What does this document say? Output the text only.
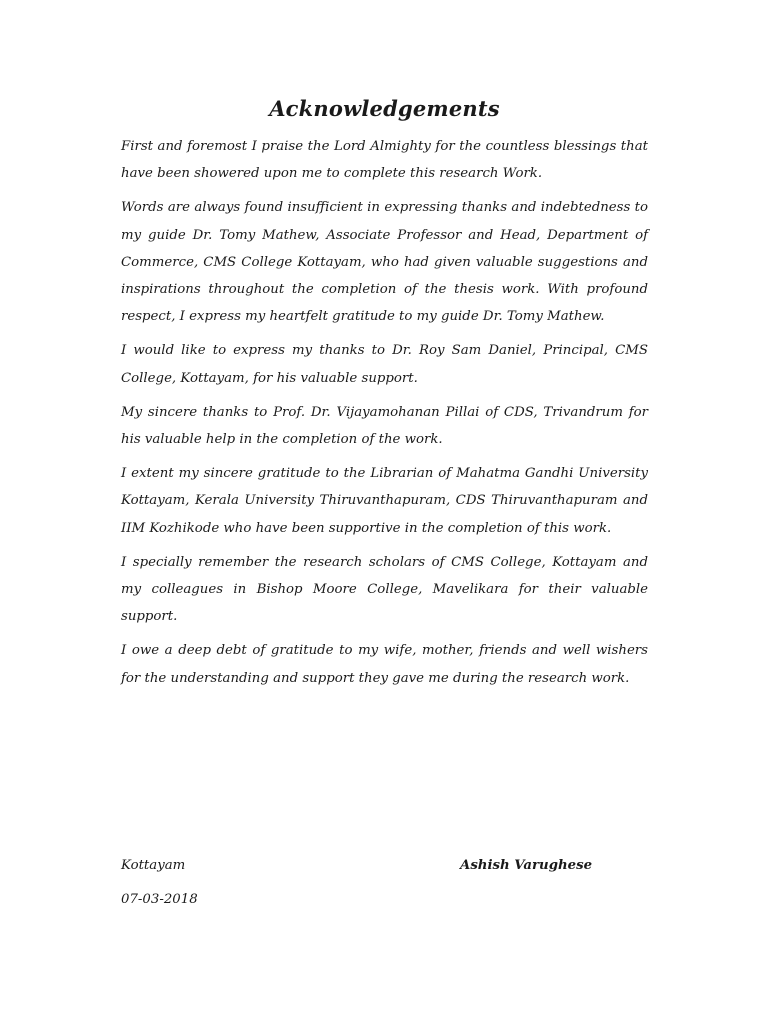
Acknowledgements

First and foremost I praise the Lord Almighty for the countless blessings that have been showered upon me to complete this research Work.

Words are always found insufficient in expressing thanks and indebtedness to my guide Dr. Tomy Mathew, Associate Professor and Head, Department of Commerce, CMS College Kottayam, who had given valuable suggestions and inspirations throughout the completion of the thesis work. With profound respect, I express my heartfelt gratitude to my guide Dr. Tomy Mathew.

I would like to express my thanks to Dr. Roy Sam Daniel, Principal, CMS College, Kottayam, for his valuable support.

My sincere thanks to Prof. Dr. Vijayamohanan Pillai of CDS, Trivandrum for his valuable help in the completion of the work.

I extent my sincere gratitude to the Librarian of Mahatma Gandhi University Kottayam, Kerala University Thiruvanthapuram, CDS Thiruvanthapuram and IIM Kozhikode who have been supportive in the completion of this work.

I specially remember the research scholars of CMS College, Kottayam and my colleagues in Bishop Moore College, Mavelikara for their valuable support.

I owe a deep debt of gratitude to my wife, mother, friends and well wishers for the understanding and support they gave me during the research work.

Kottayam	Ashish Varughese
07-03-2018
